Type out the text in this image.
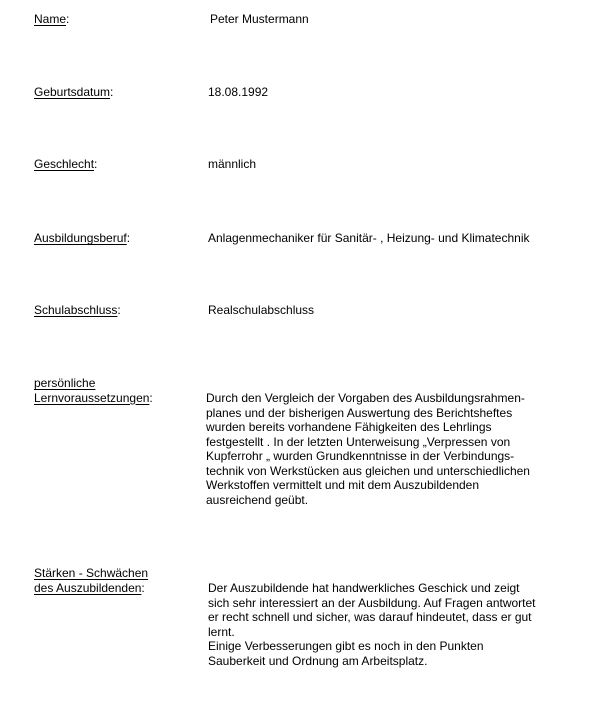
Name:	Peter Mustermann
Geburtsdatum:	18.08.1992
Geschlecht:	männlich
Ausbildungsberuf:	Anlagenmechaniker für Sanitär- , Heizung- und Klimatechnik
Schulabschluss:	Realschulabschluss
persönliche
Lernvoraussetzungen:	Durch den Vergleich der Vorgaben des Ausbildungsrahmen-
planes und der bisherigen Auswertung des Berichtsheftes
wurden bereits vorhandene Fähigkeiten des Lehrlings
festgestellt . In der letzten Unterweisung „Verpressen von
Kupferrohr „ wurden Grundkenntnisse in der Verbindungs-
technik von Werkstücken aus gleichen und unterschiedlichen
Werkstoffen vermittelt und mit dem Auszubildenden
ausreichend geübt.
Stärken - Schwächen
des Auszubildenden:	Der Auszubildende hat handwerkliches Geschick und zeigt
sich sehr interessiert an der Ausbildung. Auf Fragen antwortet
er recht schnell und sicher, was darauf hindeutet, dass er gut
lernt.
Einige Verbesserungen gibt es noch in den Punkten
Sauberkeit und Ordnung am Arbeitsplatz.
